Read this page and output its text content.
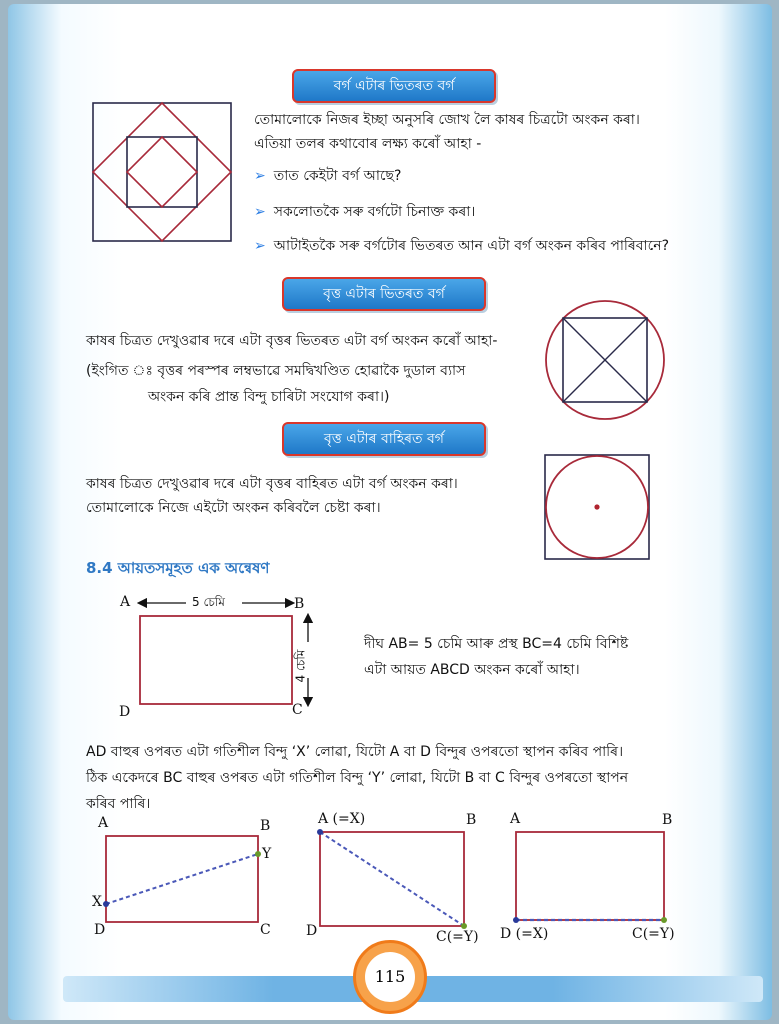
বৰ্গ এটাৰ ভিতৰত বৰ্গ
তোমালোকে নিজৰ ইচ্ছা অনুসৰি জোখ লৈ কাষৰ চিত্ৰটো অংকন কৰা।
এতিয়া তলৰ কথাবোৰ লক্ষ্য কৰোঁ আহা -
➢ তাত কেইটা বৰ্গ আছে?
➢ সকলোতকৈ সৰু বৰ্গটো চিনাক্ত কৰা।
➢ আটাইতকৈ সৰু বৰ্গটোৰ ভিতৰত আন এটা বৰ্গ অংকন কৰিব পাৰিবানে?
বৃত্ত এটাৰ ভিতৰত বৰ্গ
কাষৰ চিত্ৰত দেখুওৱাৰ দৰে এটা বৃত্তৰ ভিতৰত এটা বৰ্গ অংকন কৰোঁ আহা-
(ইংগিত ঃ বৃত্তৰ পৰস্পৰ লম্বভাৱে সমদ্বিখণ্ডিত হোৱাকৈ দুডাল ব্যাস
অংকন কৰি প্ৰান্ত বিন্দু চাৰিটা সংযোগ কৰা।)
বৃত্ত এটাৰ বাহিৰত বৰ্গ
কাষৰ চিত্ৰত দেখুওৱাৰ দৰে এটা বৃত্তৰ বাহিৰত এটা বৰ্গ অংকন কৰা।
তোমালোকে নিজে এইটো অংকন কৰিবলৈ চেষ্টা কৰা।
8.4 আয়তসমূহত এক অন্বেষণ
A	B
C
D
5 চেমি
4 চেমি
দীঘ AB= 5 চেমি আৰু প্ৰস্থ BC=4 চেমি বিশিষ্ট
এটা আয়ত ABCD অংকন কৰোঁ আহা।
AD বাহুৰ ওপৰত এটা গতিশীল বিন্দু ‘X’ লোৱা, যিটো A বা D বিন্দুৰ ওপৰতো স্থাপন কৰিব পাৰি।
ঠিক একেদৰে BC বাহুৰ ওপৰত এটা গতিশীল বিন্দু ‘Y’ লোৱা, যিটো B বা C বিন্দুৰ ওপৰতো স্থাপন
কৰিব পাৰি।
A	B
C
D
X
Y
A (=X)	B
C(=Y)
D
A	B
D (=X)	C(=Y)
115
